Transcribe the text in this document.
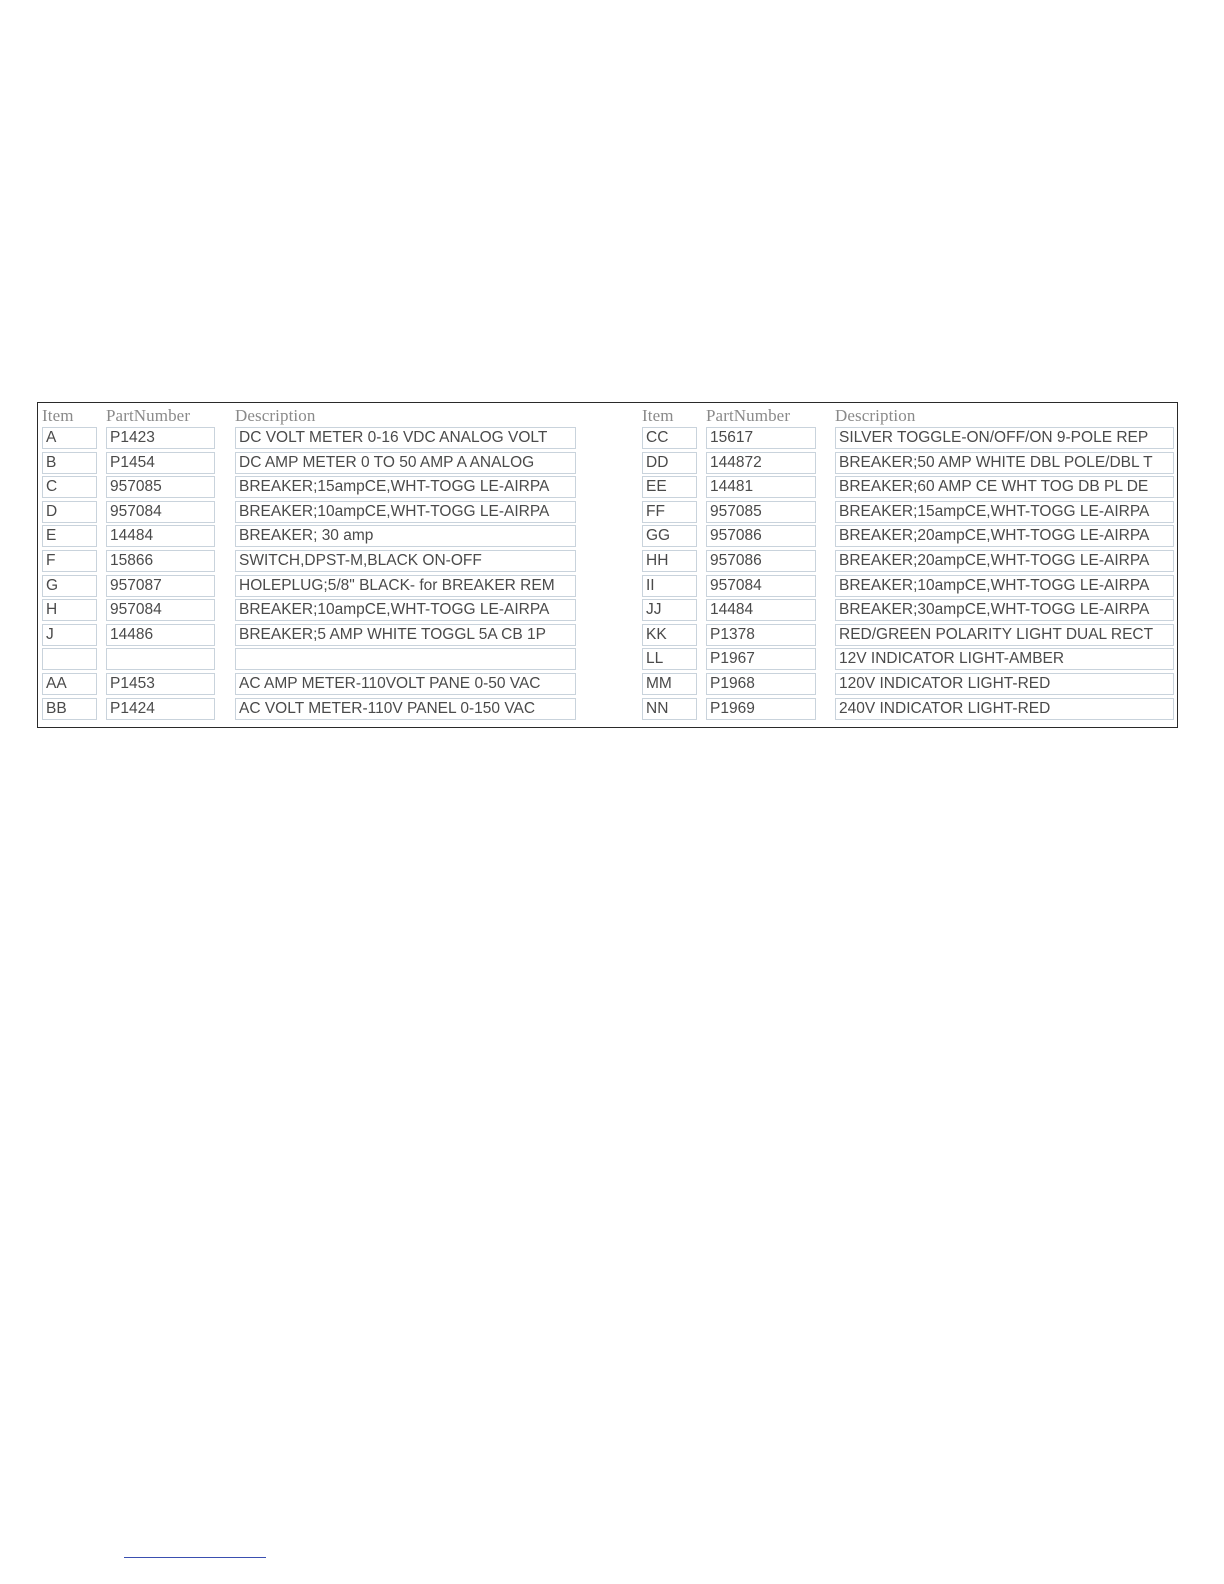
Item PartNumber	Description	Item PartNumber	Description
A	P1423	DC VOLT METER 0-16 VDC ANALOG VOLT
B	P1454	DC AMP METER 0 TO 50 AMP A ANALOG
C	957085	BREAKER;15ampCE,WHT-TOGG LE-AIRPA
D	957084	BREAKER;10ampCE,WHT-TOGG LE-AIRPA
E	14484	BREAKER; 30 amp
F	15866	SWITCH,DPST-M,BLACK ON-OFF
G	957087	HOLEPLUG;5/8" BLACK- for BREAKER REM
H	957084	BREAKER;10ampCE,WHT-TOGG LE-AIRPA
J	14486	BREAKER;5 AMP WHITE TOGGL 5A CB 1P
AA	P1453	AC AMP METER-110VOLT PANE 0-50 VAC
BB	P1424	AC VOLT METER-110V PANEL 0-150 VAC
CC	15617	SILVER TOGGLE-ON/OFF/ON 9-POLE REP
DD	144872	BREAKER;50 AMP WHITE DBL POLE/DBL T
EE	14481	BREAKER;60 AMP CE WHT TOG DB PL DE
FF	957085	BREAKER;15ampCE,WHT-TOGG LE-AIRPA
GG	957086	BREAKER;20ampCE,WHT-TOGG LE-AIRPA
HH	957086	BREAKER;20ampCE,WHT-TOGG LE-AIRPA
II	957084	BREAKER;10ampCE,WHT-TOGG LE-AIRPA
JJ	14484	BREAKER;30ampCE,WHT-TOGG LE-AIRPA
KK	P1378	RED/GREEN POLARITY LIGHT DUAL RECT
LL	P1967	12V INDICATOR LIGHT-AMBER
MM	P1968	120V INDICATOR LIGHT-RED
NN	P1969	240V INDICATOR LIGHT-RED
